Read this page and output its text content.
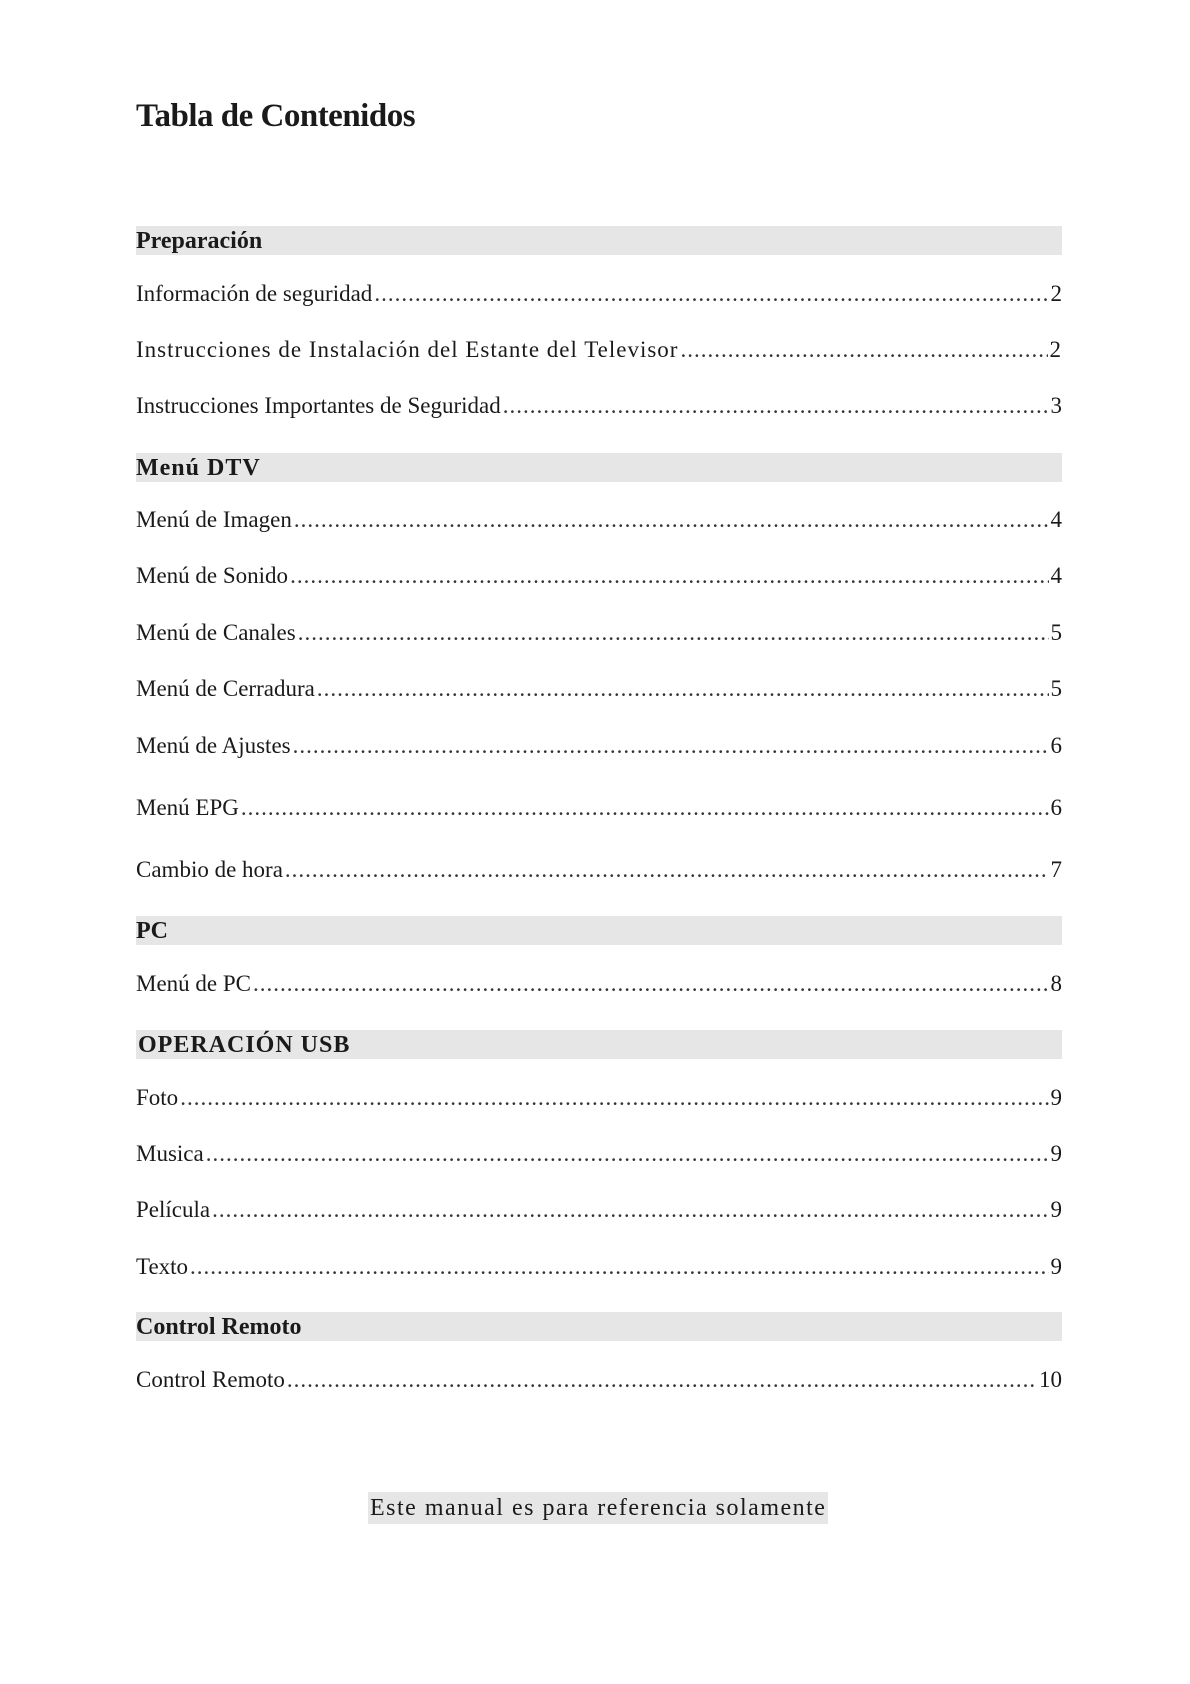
Tabla de Contenidos
Preparación
Información de seguridad .....	2
Instrucciones de Instalación del Estante del Televisor .....	2
Instrucciones Importantes de Seguridad .....	3
Menú DTV
Menú de Imagen .....	4
Menú de Sonido .....	4
Menú de Canales .....	5
Menú de Cerradura .....	5
Menú de Ajustes .....	6
Menú EPG .....	6
Cambio de hora .....	7
PC
Menú de PC .....	8
OPERACIÓN USB
Foto .....	9
Musica .....	9
Película .....	9
Texto .....	9
Control Remoto
Control Remoto .....	10
Este manual es para referencia solamente
